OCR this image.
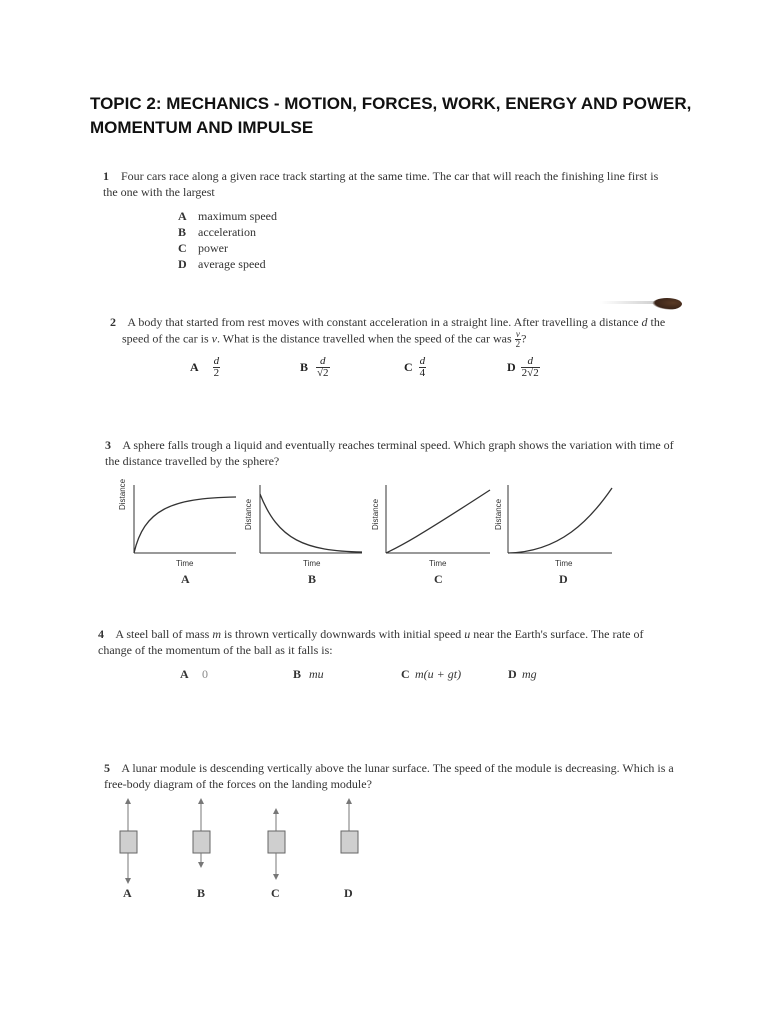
TOPIC 2: MECHANICS - MOTION, FORCES, WORK, ENERGY AND POWER, MOMENTUM AND IMPULSE
1 Four cars race along a given race track starting at the same time. The car that will reach the finishing line first is the one with the largest
A maximum speed
B acceleration
C power
D average speed
2 A body that started from rest moves with constant acceleration in a straight line. After travelling a distance d the
speed of the car is v. What is the distance travelled when the speed of the car was $\frac{v}{2}$ ?
A $\frac{d}{2}$	B $\frac{d}{√2}$	C $\frac{d}{4}$	D $\frac{d}{2√2}$
3 A sphere falls trough a liquid and eventually reaches terminal speed. Which graph shows the variation with time of the distance travelled by the sphere?
Distance
Distance	Distance	Distance
Time	Time	Time	Time
A	B	C	D
4 A steel ball of mass m is thrown vertically downwards with initial speed u near the Earth's surface. The rate of change of the momentum of the ball as it falls is:
A 0	B mu	C m(u + gt)	D mg
5 A lunar module is descending vertically above the lunar surface. The speed of the module is decreasing. Which is a free-body diagram of the forces on the landing module?
A	B	C	D
